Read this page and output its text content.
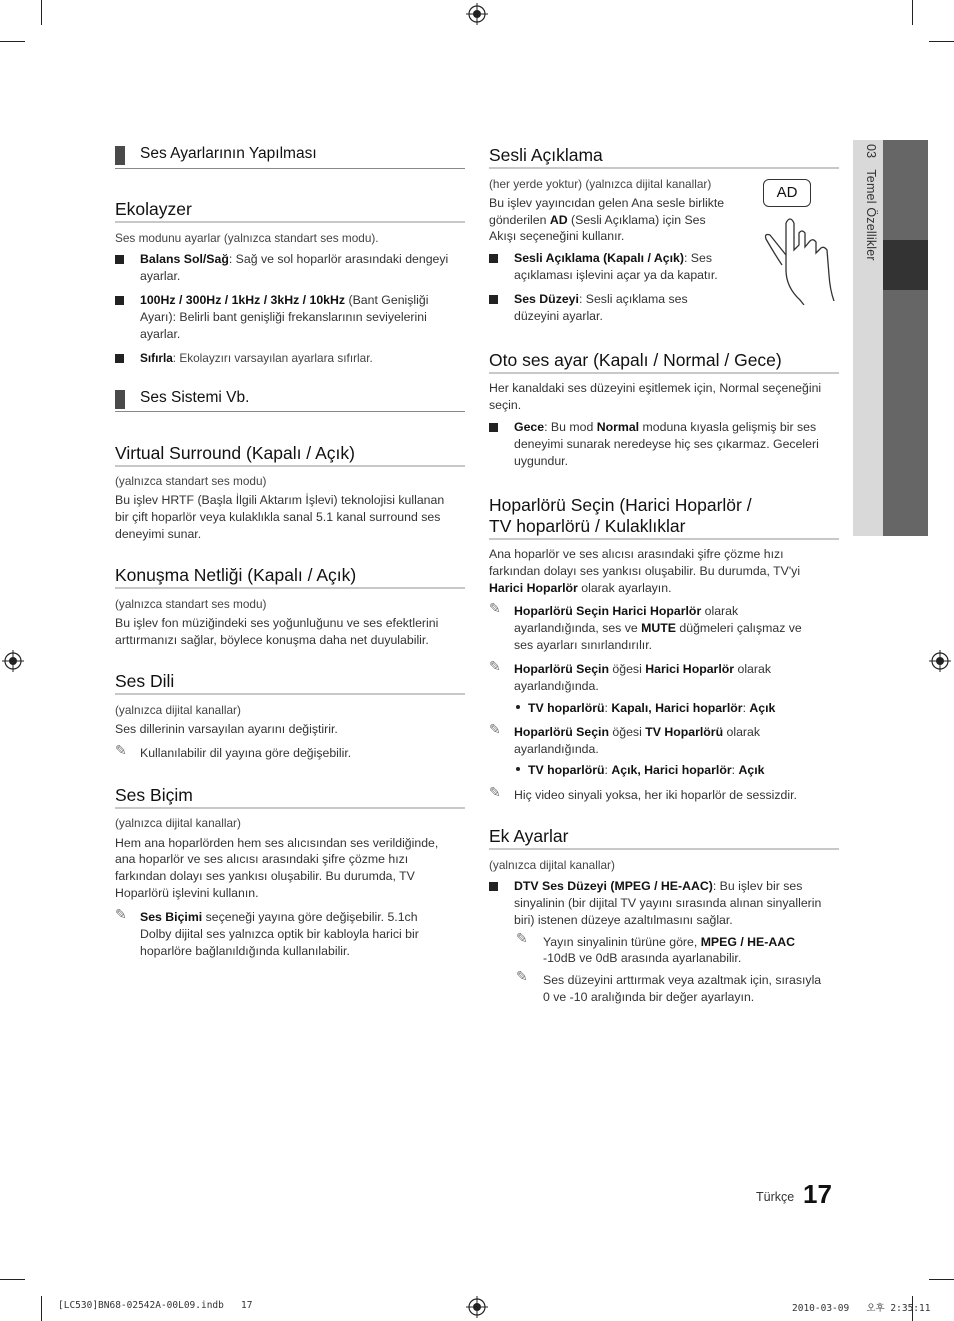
03   Temel Özellikler
Ses Ayarlarının Yapılması
Ekolayzer
Ses modunu ayarlar (yalnızca standart ses modu).
Balans Sol/Sağ: Sağ ve sol hoparlör arasındaki dengeyi
ayarlar.
100Hz / 300Hz / 1kHz / 3kHz / 10kHz (Bant Genişliği
Ayarı): Belirli bant genişliği frekanslarının seviyelerini
ayarlar.
Sıfırla: Ekolayzırı varsayılan ayarlara sıfırlar.
Ses Sistemi Vb.
Virtual Surround (Kapalı / Açık)
(yalnızca standart ses modu)
Bu işlev HRTF (Başla İlgili Aktarım İşlevi) teknolojisi kullanan
bir çift hoparlör veya kulaklıkla sanal 5.1 kanal surround ses
deneyimi sunar.
Konuşma Netliği (Kapalı / Açık)
(yalnızca standart ses modu)
Bu işlev fon müziğindeki ses yoğunluğunu ve ses efektlerini
arttırmanızı sağlar, böylece konuşma daha net duyulabilir.
Ses Dili
(yalnızca dijital kanallar)
Ses dillerinin varsayılan ayarını değiştirir.
✎ Kullanılabilir dil yayına göre değişebilir.
Ses Biçim
(yalnızca dijital kanallar)
Hem ana hoparlörden hem ses alıcısından ses verildiğinde,
ana hoparlör ve ses alıcısı arasındaki şifre çözme hızı
farkından dolayı ses yankısı oluşabilir. Bu durumda, TV
Hoparlörü işlevini kullanın.
✎ Ses Biçimi seçeneği yayına göre değişebilir. 5.1ch
Dolby dijital ses yalnızca optik bir kabloyla harici bir
hoparlöre bağlanıldığında kullanılabilir.
Sesli Açıklama
(her yerde yoktur) (yalnızca dijital kanallar)
Bu işlev yayıncıdan gelen Ana sesle birlikte
gönderilen AD (Sesli Açıklama) için Ses
Akışı seçeneğini kullanır.
Sesli Açıklama (Kapalı / Açık): Ses
açıklaması işlevini açar ya da kapatır.
Ses Düzeyi: Sesli açıklama ses
düzeyini ayarlar.
AD
Oto ses ayar (Kapalı / Normal / Gece)
Her kanaldaki ses düzeyini eşitlemek için, Normal seçeneğini
seçin.
Gece: Bu mod Normal moduna kıyasla gelişmiş bir ses
deneyimi sunarak neredeyse hiç ses çıkarmaz. Geceleri
uygundur.
Hoparlörü Seçin (Harici Hoparlör /
TV hoparlörü / Kulaklıklar
Ana hoparlör ve ses alıcısı arasındaki şifre çözme hızı
farkından dolayı ses yankısı oluşabilir. Bu durumda, TV'yi
Harici Hoparlör olarak ayarlayın.
✎ Hoparlörü Seçin Harici Hoparlör olarak
ayarlandığında, ses ve MUTE düğmeleri çalışmaz ve
ses ayarları sınırlandırılır.
✎ Hoparlörü Seçin öğesi Harici Hoparlör olarak
ayarlandığında.
TV hoparlörü: Kapalı, Harici hoparlör: Açık
✎ Hoparlörü Seçin öğesi TV Hoparlörü olarak
ayarlandığında.
TV hoparlörü: Açık, Harici hoparlör: Açık
✎ Hiç video sinyali yoksa, her iki hoparlör de sessizdir.
Ek Ayarlar
(yalnızca dijital kanallar)
DTV Ses Düzeyi (MPEG / HE-AAC): Bu işlev bir ses
sinyalinin (bir dijital TV yayını sırasında alınan sinyallerin
biri) istenen düzeye azaltılmasını sağlar.
✎ Yayın sinyalinin türüne göre, MPEG / HE-AAC
-10dB ve 0dB arasında ayarlanabilir.
✎ Ses düzeyini arttırmak veya azaltmak için, sırasıyla
0 ve -10 aralığında bir değer ayarlayın.
Türkçe 17
[LC530]BN68-02542A-00L09.indb   17	2010-03-09   오후 2:35:11
